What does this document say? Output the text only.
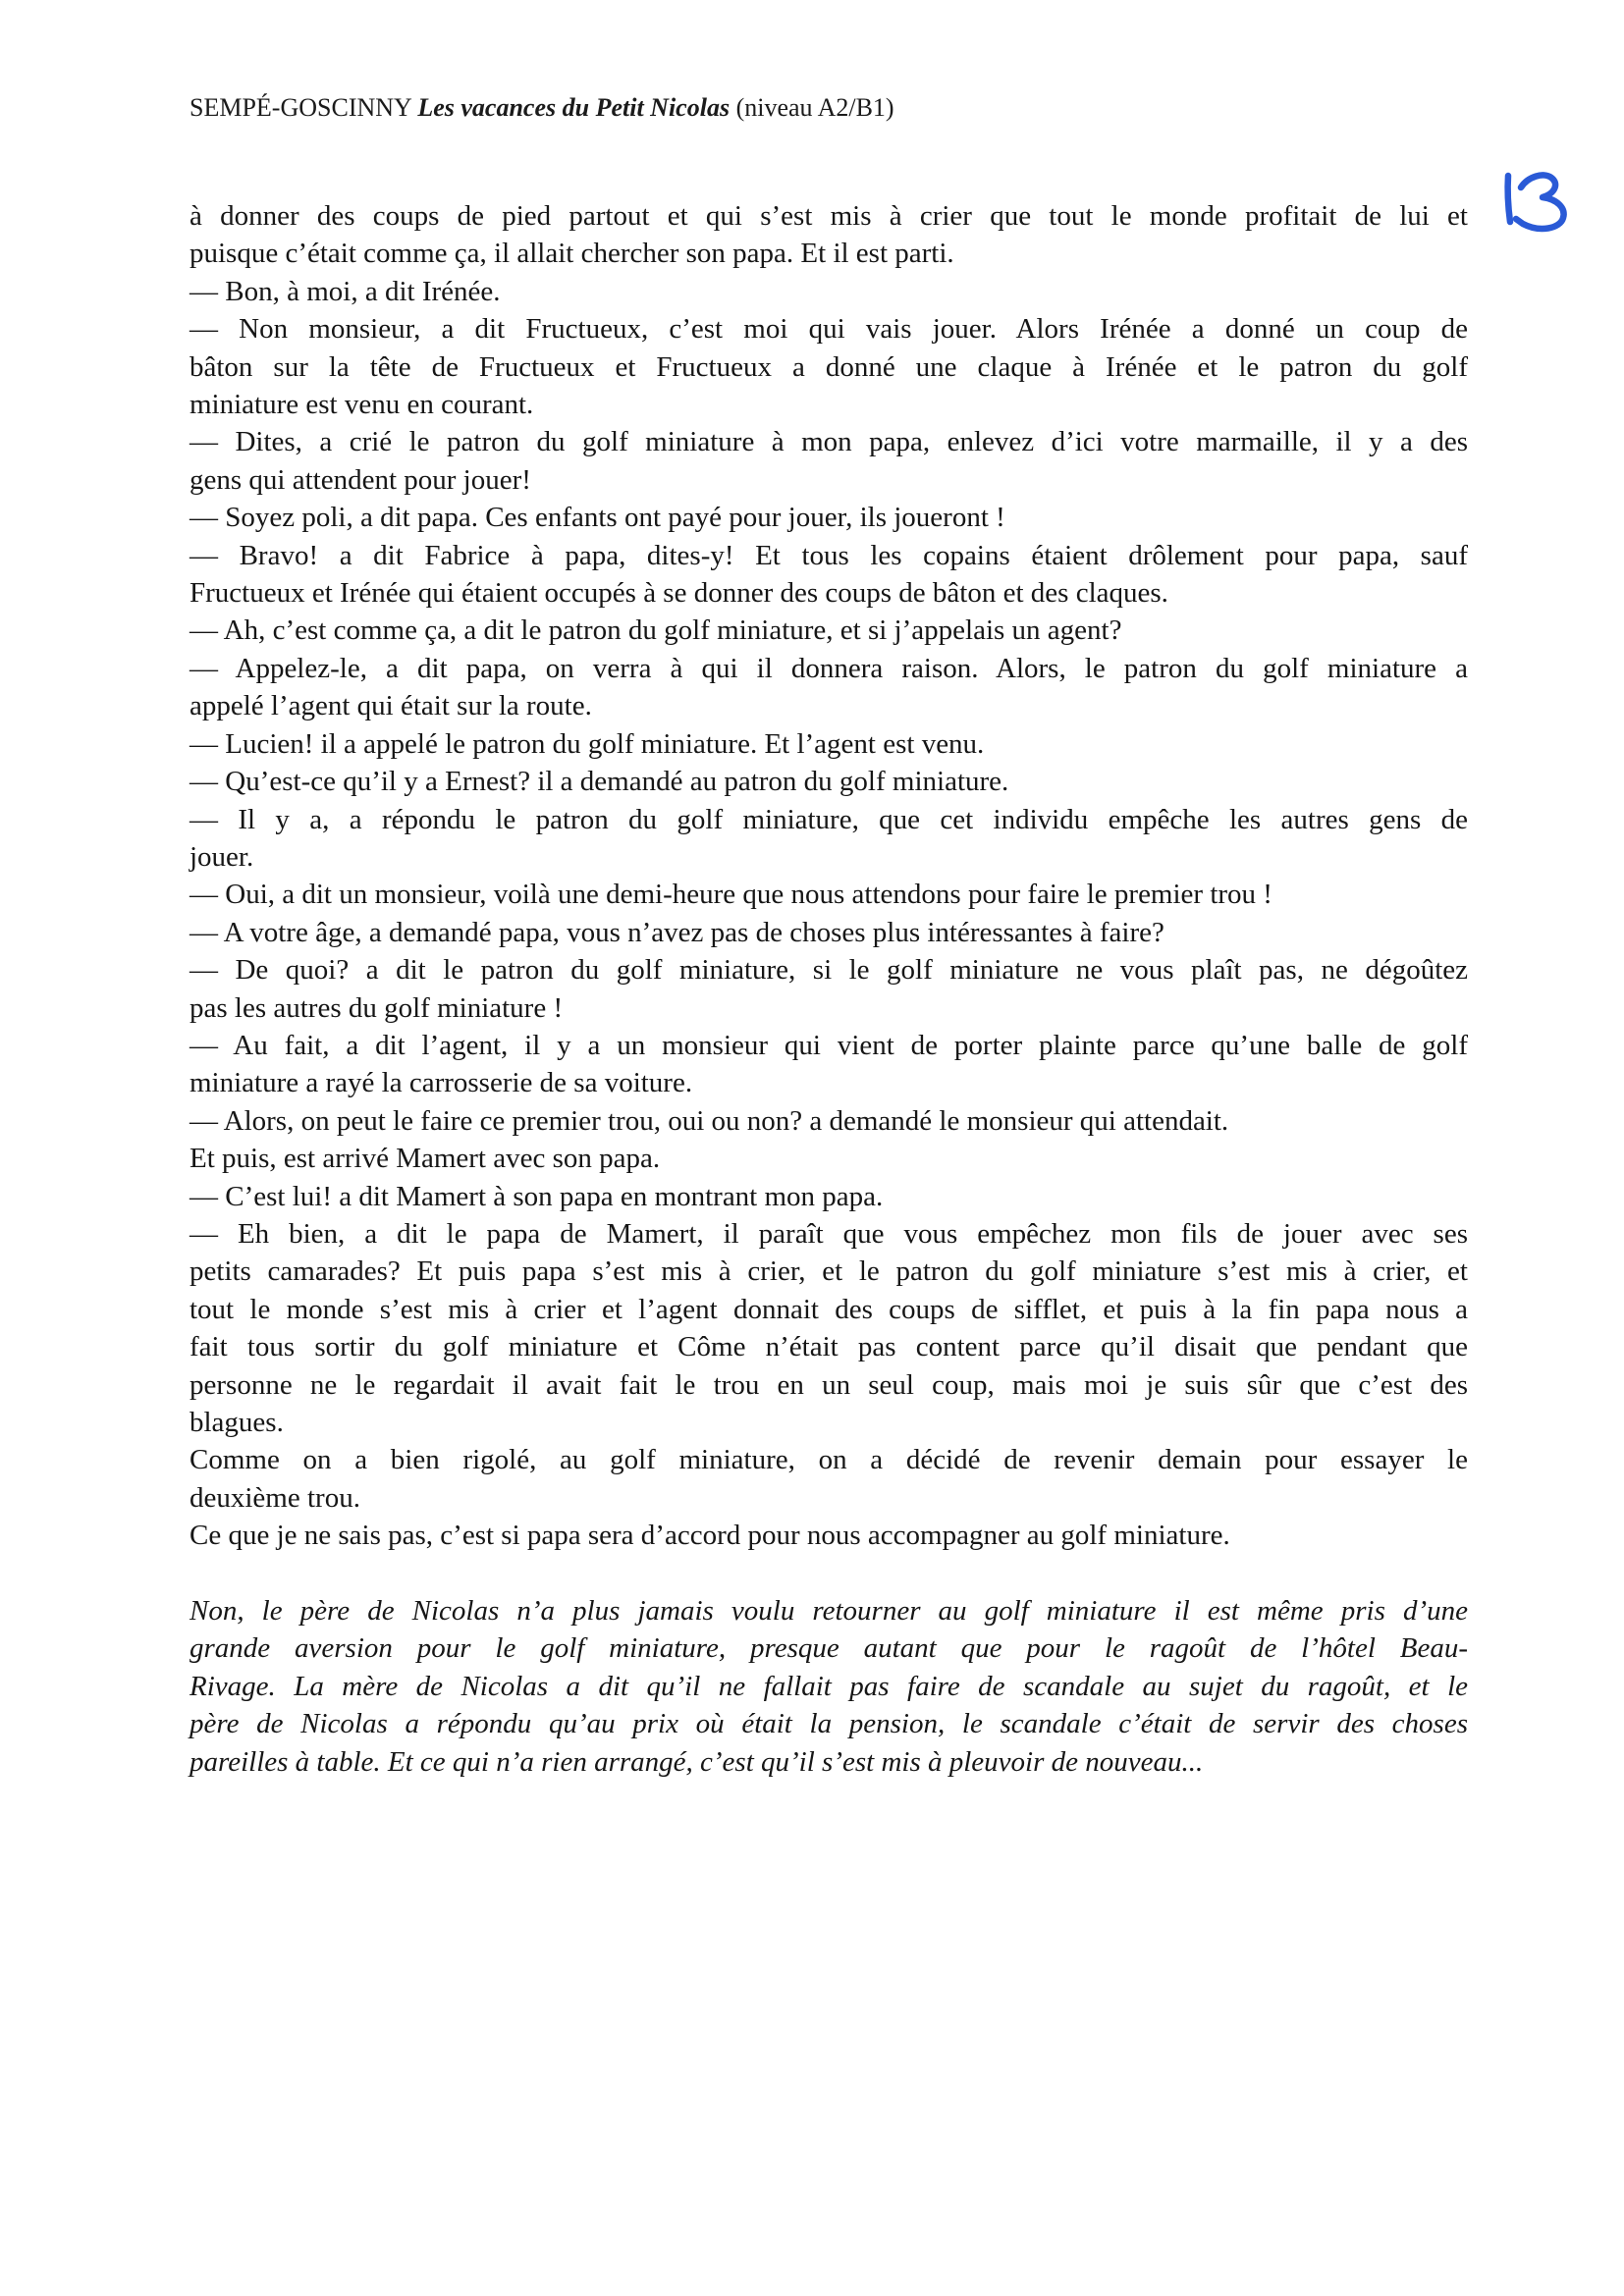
SEMPÉ-GOSCINNY Les vacances du Petit Nicolas (niveau A2/B1)
à donner des coups de pied partout et qui s’est mis à crier que tout le monde profitait de lui et
puisque c’était comme ça, il allait chercher son papa. Et il est parti.
— Bon, à moi, a dit Irénée.
— Non monsieur, a dit Fructueux, c’est moi qui vais jouer. Alors Irénée a donné un coup de
bâton sur la tête de Fructueux et Fructueux a donné une claque à Irénée et le patron du golf
miniature est venu en courant.
— Dites, a crié le patron du golf miniature à mon papa, enlevez d’ici votre marmaille, il y a des
gens qui attendent pour jouer!
— Soyez poli, a dit papa. Ces enfants ont payé pour jouer, ils joueront !
— Bravo! a dit Fabrice à papa, dites-y! Et tous les copains étaient drôlement pour papa, sauf
Fructueux et Irénée qui étaient occupés à se donner des coups de bâton et des claques.
— Ah, c’est comme ça, a dit le patron du golf miniature, et si j’appelais un agent?
— Appelez-le, a dit papa, on verra à qui il donnera raison. Alors, le patron du golf miniature a
appelé l’agent qui était sur la route.
— Lucien! il a appelé le patron du golf miniature. Et l’agent est venu.
— Qu’est-ce qu’il y a Ernest? il a demandé au patron du golf miniature.
— Il y a, a répondu le patron du golf miniature, que cet individu empêche les autres gens de
jouer.
— Oui, a dit un monsieur, voilà une demi-heure que nous attendons pour faire le premier trou !
— A votre âge, a demandé papa, vous n’avez pas de choses plus intéressantes à faire?
— De quoi? a dit le patron du golf miniature, si le golf miniature ne vous plaît pas, ne dégoûtez
pas les autres du golf miniature !
— Au fait, a dit l’agent, il y a un monsieur qui vient de porter plainte parce qu’une balle de golf
miniature a rayé la carrosserie de sa voiture.
— Alors, on peut le faire ce premier trou, oui ou non? a demandé le monsieur qui attendait.
Et puis, est arrivé Mamert avec son papa.
— C’est lui! a dit Mamert à son papa en montrant mon papa.
— Eh bien, a dit le papa de Mamert, il paraît que vous empêchez mon fils de jouer avec ses
petits camarades? Et puis papa s’est mis à crier, et le patron du golf miniature s’est mis à crier, et
tout le monde s’est mis à crier et l’agent donnait des coups de sifflet, et puis à la fin papa nous a
fait tous sortir du golf miniature et Côme n’était pas content parce qu’il disait que pendant que
personne ne le regardait il avait fait le trou en un seul coup, mais moi je suis sûr que c’est des
blagues.
Comme on a bien rigolé, au golf miniature, on a décidé de revenir demain pour essayer le
deuxième trou.
Ce que je ne sais pas, c’est si papa sera d’accord pour nous accompagner au golf miniature.
Non, le père de Nicolas n’a plus jamais voulu retourner au golf miniature il est même pris d’une
grande aversion pour le golf miniature, presque autant que pour le ragoût de l’hôtel Beau-
Rivage. La mère de Nicolas a dit qu’il ne fallait pas faire de scandale au sujet du ragoût, et le
père de Nicolas a répondu qu’au prix où était la pension, le scandale c’était de servir des choses
pareilles à table. Et ce qui n’a rien arrangé, c’est qu’il s’est mis à pleuvoir de nouveau...
